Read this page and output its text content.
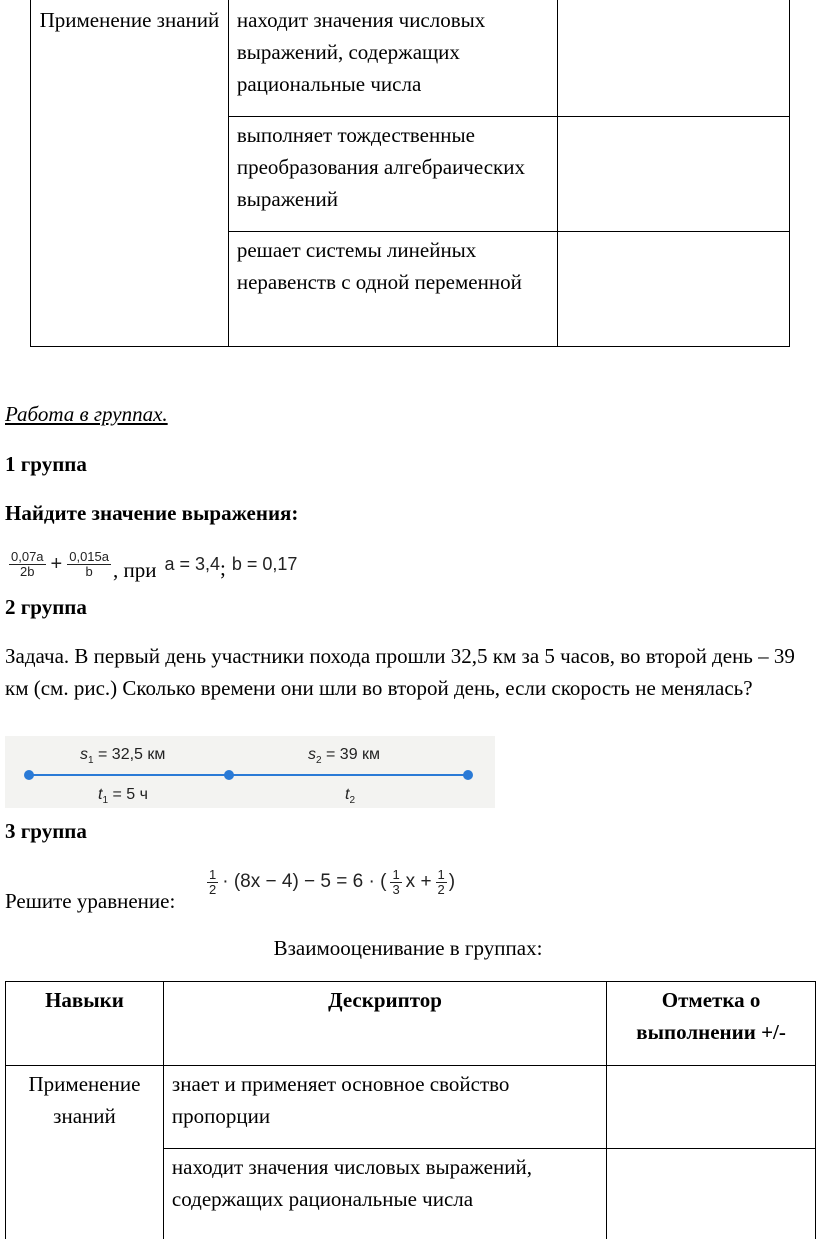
Применение знаний	находит значения числовых выражений, содержащих рациональные числа	

	выполняет тождественные преобразования алгебраических выражений	

	решает системы линейных неравенств с одной переменной	

Работа в группах.
1 группа
Найдите значение выражения:
$\frac{0,07a}{2b} + \frac{0,015a}{b}$ , при a = 3,4 ; b = 0,17
2 группа
Задача. В первый день участники похода прошли 32,5 км за 5 часов, во второй день – 39 км (см. рис.) Сколько времени они шли во второй день, если скорость не менялась?
$s_1 = 32,5$ км	$s_2 = 39$ км
$t_1 = 5$ ч	$t_2$
3 группа
Решите уравнение:
$\frac{1}{2} \cdot (8x - 4) - 5 = 6$ · ( $\frac{1}{3}$ $x + \frac{1}{2}$ )
Взаимооценивание в группах:
Навыки	Дескриптор	Отметка о выполнении +/-

Применение знаний	знает и применяет основное свойство пропорции	

	находит значения числовых выражений, содержащих рациональные числа	
